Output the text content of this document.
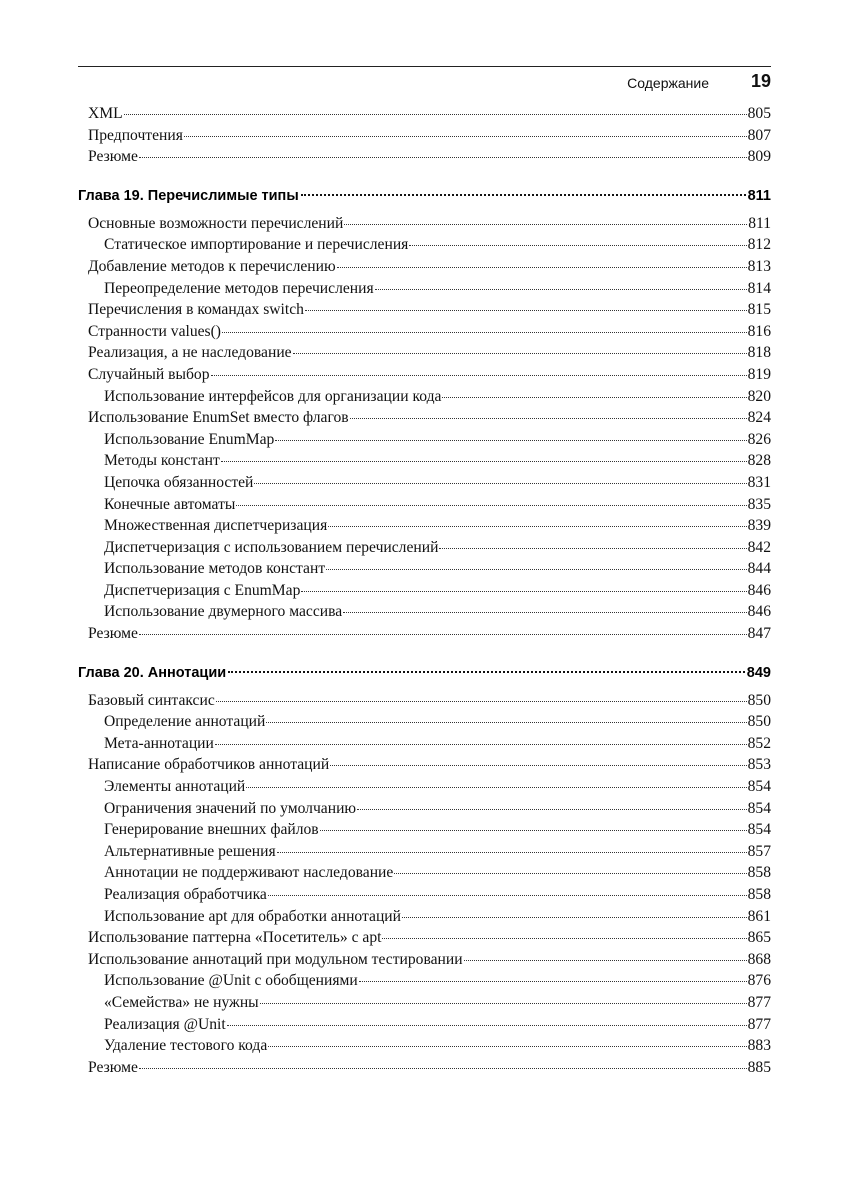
Содержание 19
XML	805
Предпочтения	807
Резюме	809
Глава 19. Перечислимые типы	811
Основные возможности перечислений	811
Статическое импортирование и перечисления	812
Добавление методов к перечислению	813
Переопределение методов перечисления	814
Перечисления в командах switch	815
Странности values()	816
Реализация, а не наследование	818
Случайный выбор	819
Использование интерфейсов для организации кода	820
Использование EnumSet вместо флагов	824
Использование EnumMap	826
Методы констант	828
Цепочка обязанностей	831
Конечные автоматы	835
Множественная диспетчеризация	839
Диспетчеризация с использованием перечислений	842
Использование методов констант	844
Диспетчеризация с EnumMap	846
Использование двумерного массива	846
Резюме	847
Глава 20. Аннотации	849
Базовый синтаксис	850
Определение аннотаций	850
Мета-аннотации	852
Написание обработчиков аннотаций	853
Элементы аннотаций	854
Ограничения значений по умолчанию	854
Генерирование внешних файлов	854
Альтернативные решения	857
Аннотации не поддерживают наследование	858
Реализация обработчика	858
Использование apt для обработки аннотаций	861
Использование паттерна «Посетитель» с apt	865
Использование аннотаций при модульном тестировании	868
Использование @Unit с обобщениями	876
«Семейства» не нужны	877
Реализация @Unit	877
Удаление тестового кода	883
Резюме	885
